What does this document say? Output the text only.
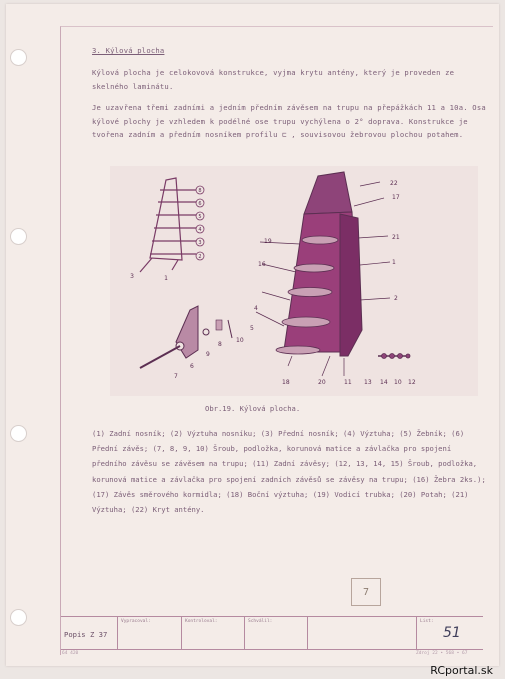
3. Kýlová plocha

Kýlová plocha je celokovová konstrukce, vyjma krytu antény, který je proveden ze skelného laminátu.

Je uzavřena třemi zadními a jedním předním závěsem na trupu na přepážkách 11 a 10a. Osa kýlové plochy je vzhledem k podélné ose trupu vychýlena o 2° doprava. Konstrukce je tvořena zadním a předním nosníkem profilu ⊏ , souvisovou žebrovou plochou potahem.

8
6
5
4
3
2
3	1
22
17
21
19
16	1
2
4
5
18	20	11 13 14 10 12
6
9
8
10
7
Obr.19. Kýlová plocha.

(1) Zadní nosník; (2) Výztuha nosníku; (3) Přední nosník; (4) Výztuha; (5) Žebník; (6) Přední závěs; (7, 8, 9, 10) Šroub, podložka, korunová matice a závlačka pro spojení předního závěsu se závěsem na trupu; (11) Zadní závěsy; (12, 13, 14, 15) Šroub, podložka, korunová matice a závlačka pro spojení zadních závěsů se závěsy na trupu; (16) Žebra 2ks.); (17) Závěs směrového kormidla; (18) Boční výztuha; (19) Vodicí trubka; (20) Potah; (21) Výztuha; (22) Kryt antény.

7
Popis Z 37
Vypracoval:	Kontroloval:	Schválil:	List:
51
64 420	Zdroj 22 ∙ 568 ∙ 67
RCportal.sk
